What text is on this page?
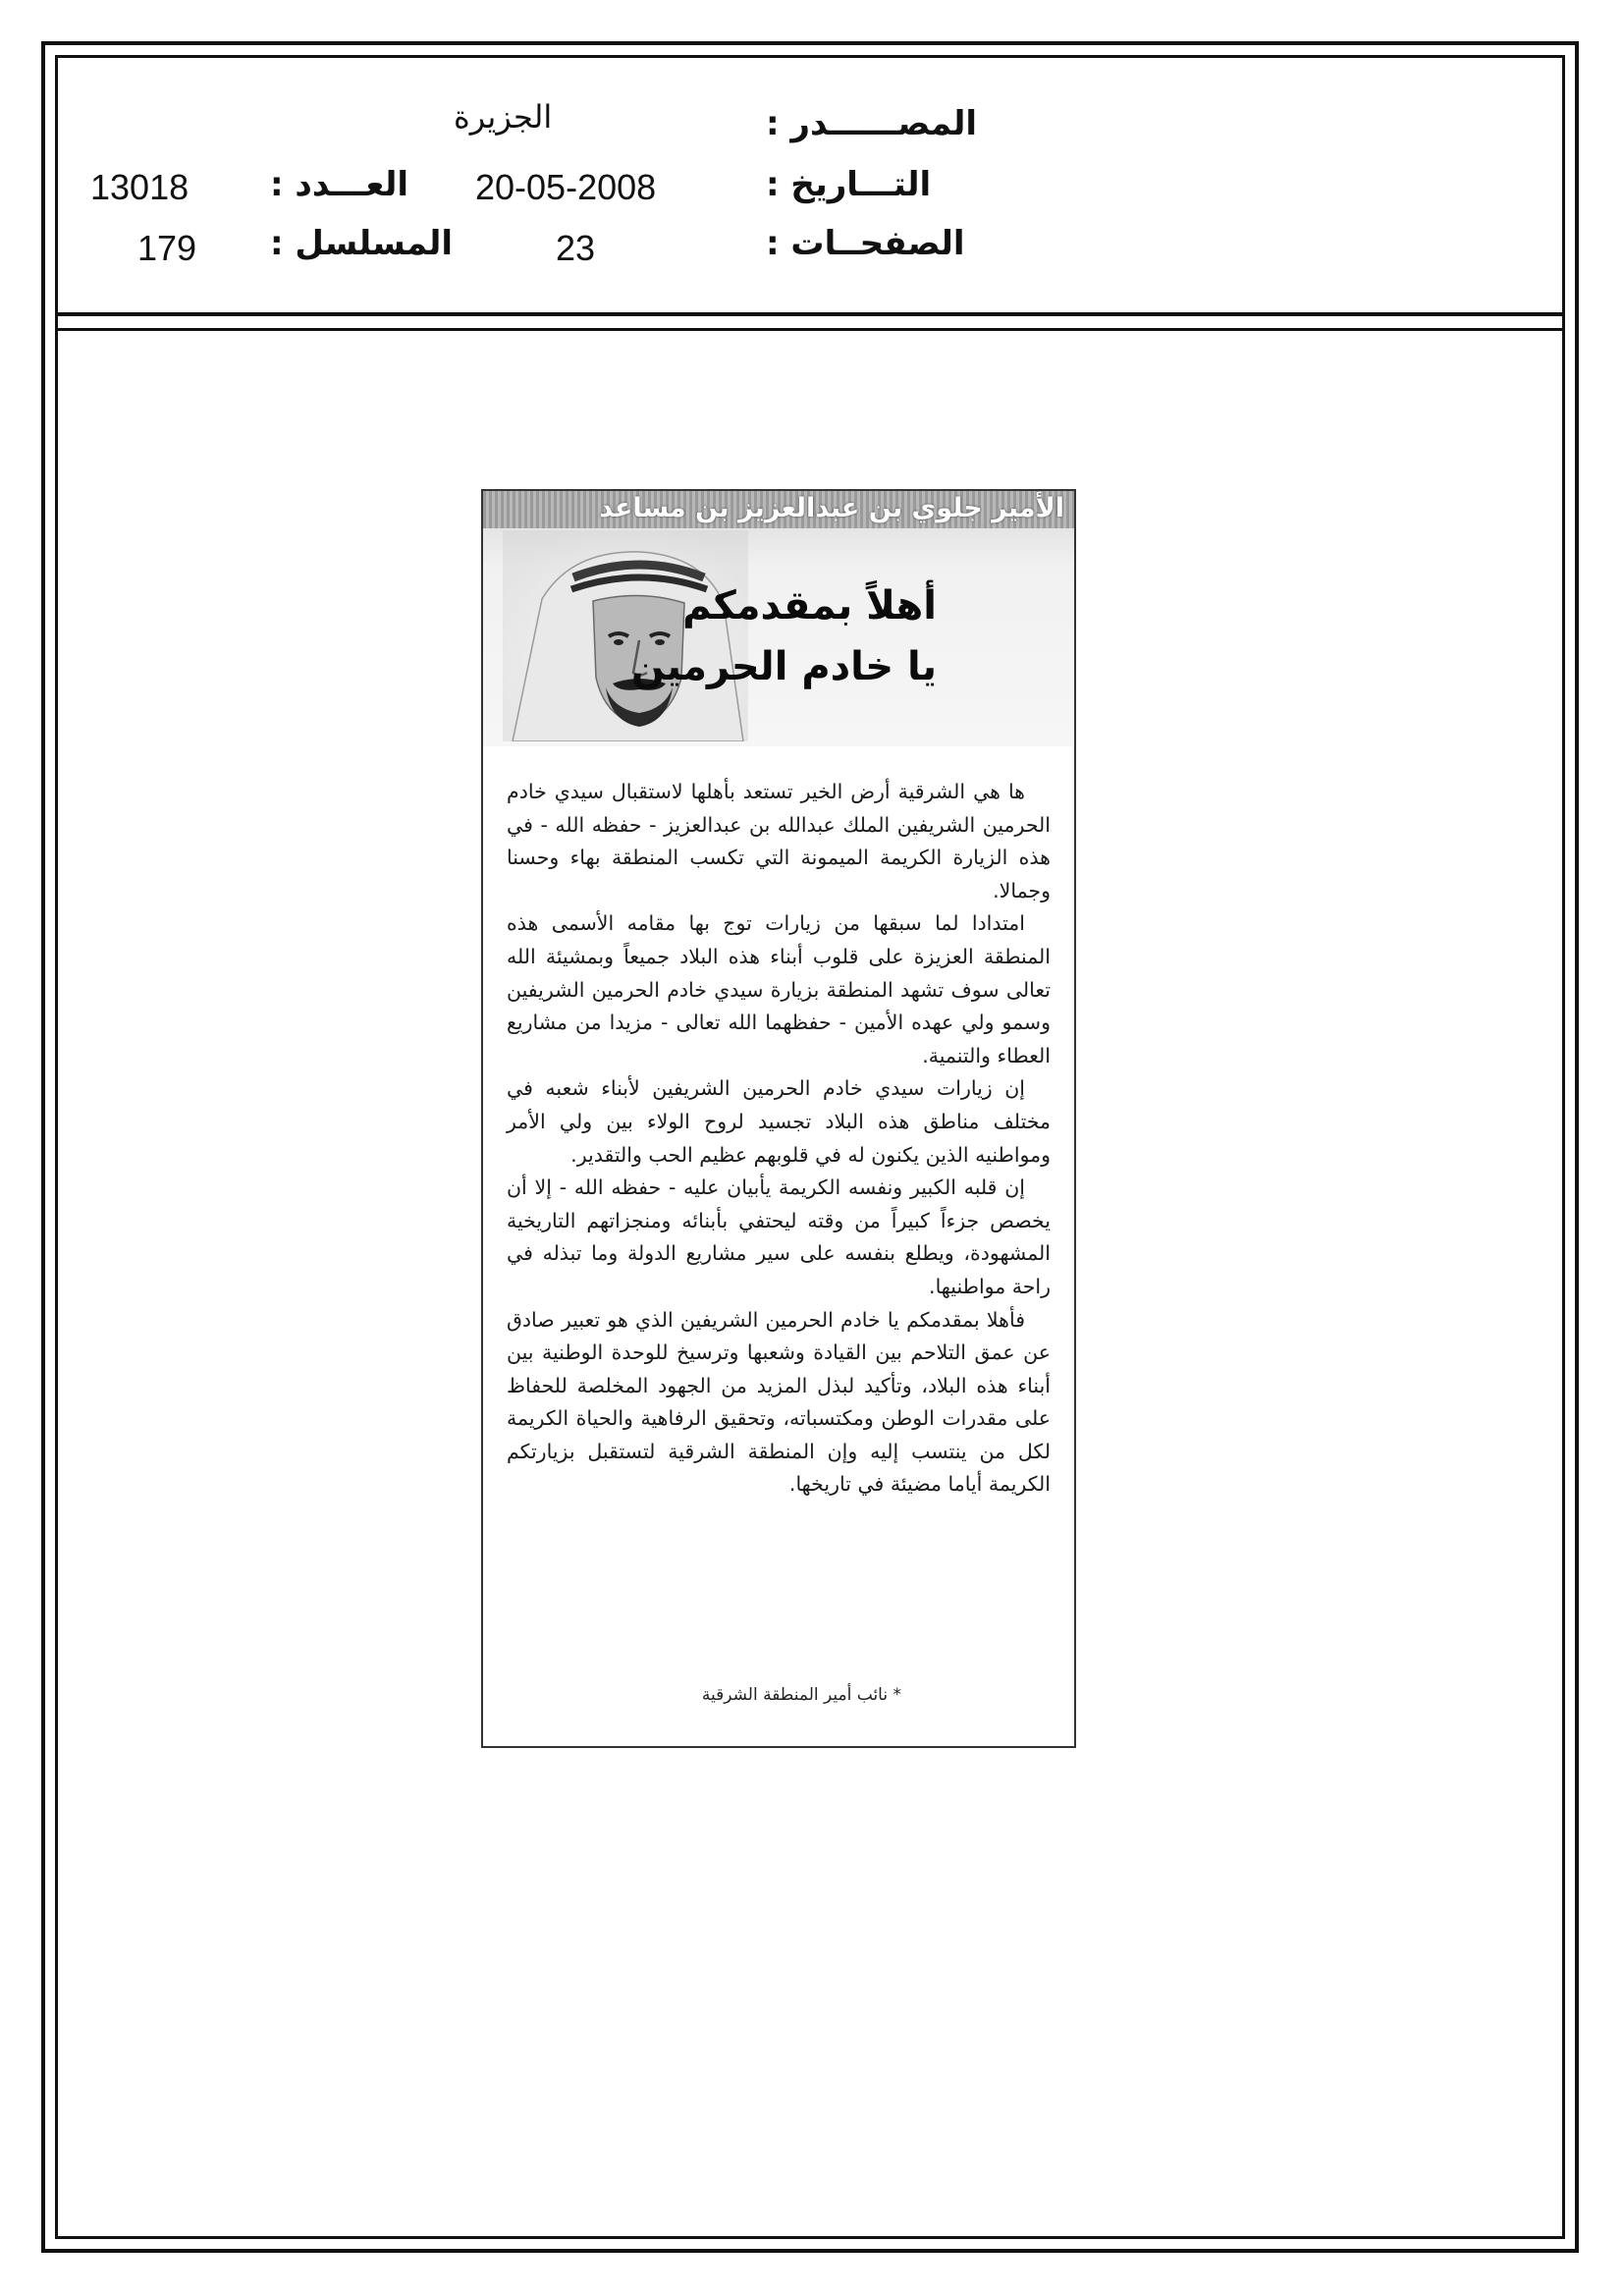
المصــــــدر :
التـــاريخ :
الصفحــات :
الجزيرة
20-05-2008
23
العـــدد :
المسلسل :
13018
179
الأمير جلوي بن عبدالعزيز بن مساعد
أهلاً بمقدمكم
يا خادم الحرمين

ها هي الشرقية أرض الخير تستعد بأهلها لاستقبال سيدي خادم الحرمين الشريفين الملك عبدالله بن عبدالعزيز - حفظه الله - في هذه الزيارة الكريمة الميمونة التي تكسب المنطقة بهاء وحسنا وجمالا.

امتدادا لما سبقها من زيارات توج بها مقامه الأسمى هذه المنطقة العزيزة على قلوب أبناء هذه البلاد جميعاً وبمشيئة الله تعالى سوف تشهد المنطقة بزيارة سيدي خادم الحرمين الشريفين وسمو ولي عهده الأمين - حفظهما الله تعالى - مزيدا من مشاريع العطاء والتنمية.

إن زيارات سيدي خادم الحرمين الشريفين لأبناء شعبه في مختلف مناطق هذه البلاد تجسيد لروح الولاء بين ولي الأمر ومواطنيه الذين يكنون له في قلوبهم عظيم الحب والتقدير.

إن قلبه الكبير ونفسه الكريمة يأبيان عليه - حفظه الله - إلا أن يخصص جزءاً كبيراً من وقته ليحتفي بأبنائه ومنجزاتهم التاريخية المشهودة، ويطلع بنفسه على سير مشاريع الدولة وما تبذله في راحة مواطنيها.

فأهلا بمقدمكم يا خادم الحرمين الشريفين الذي هو تعبير صادق عن عمق التلاحم بين القيادة وشعبها وترسيخ للوحدة الوطنية بين أبناء هذه البلاد، وتأكيد لبذل المزيد من الجهود المخلصة للحفاظ على مقدرات الوطن ومكتسباته، وتحقيق الرفاهية والحياة الكريمة لكل من ينتسب إليه وإن المنطقة الشرقية لتستقبل بزيارتكم الكريمة أياما مضيئة في تاريخها.

* نائب أمير المنطقة الشرقية
